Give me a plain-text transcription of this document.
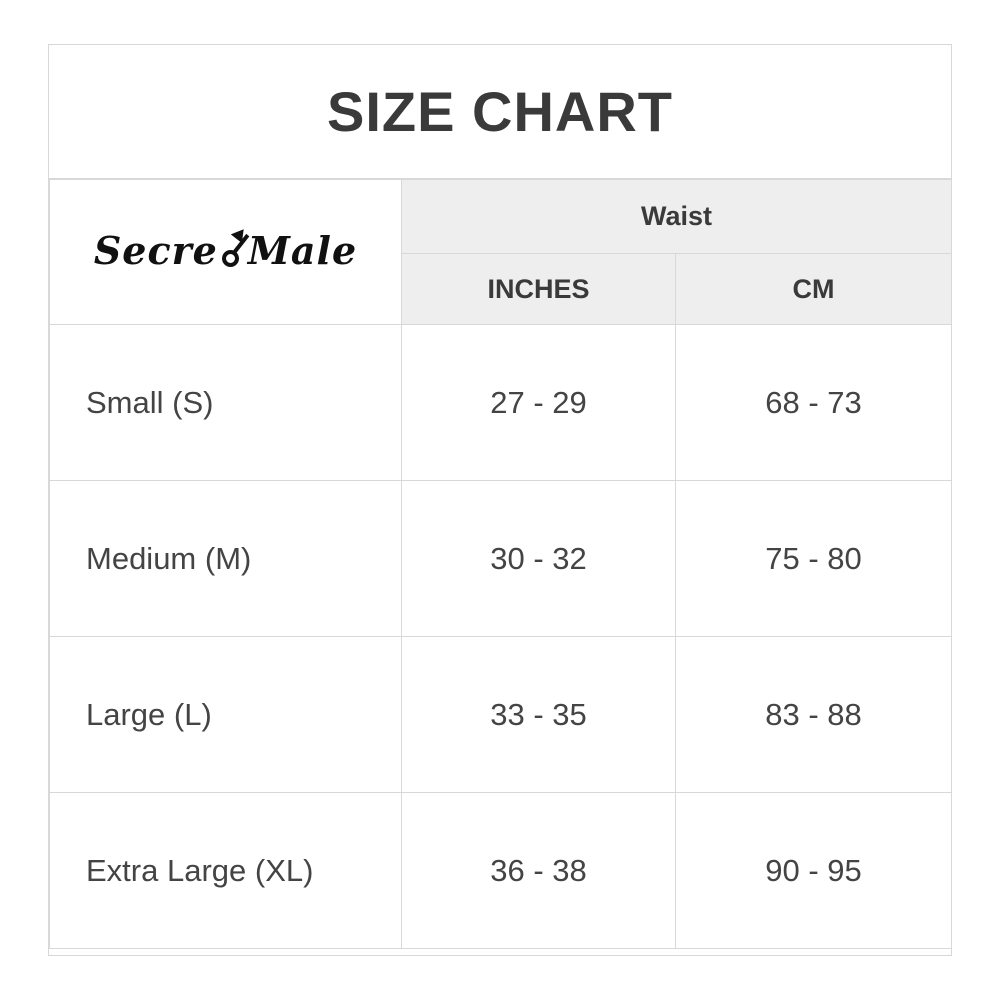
SIZE CHART
Secre Male	Waist	
	INCHES	CM
Small (S)	27 - 29	68 - 73
Medium (M)	30 - 32	75 - 80
Large (L)	33 - 35	83 - 88
Extra Large (XL)	36 - 38	90 - 95
